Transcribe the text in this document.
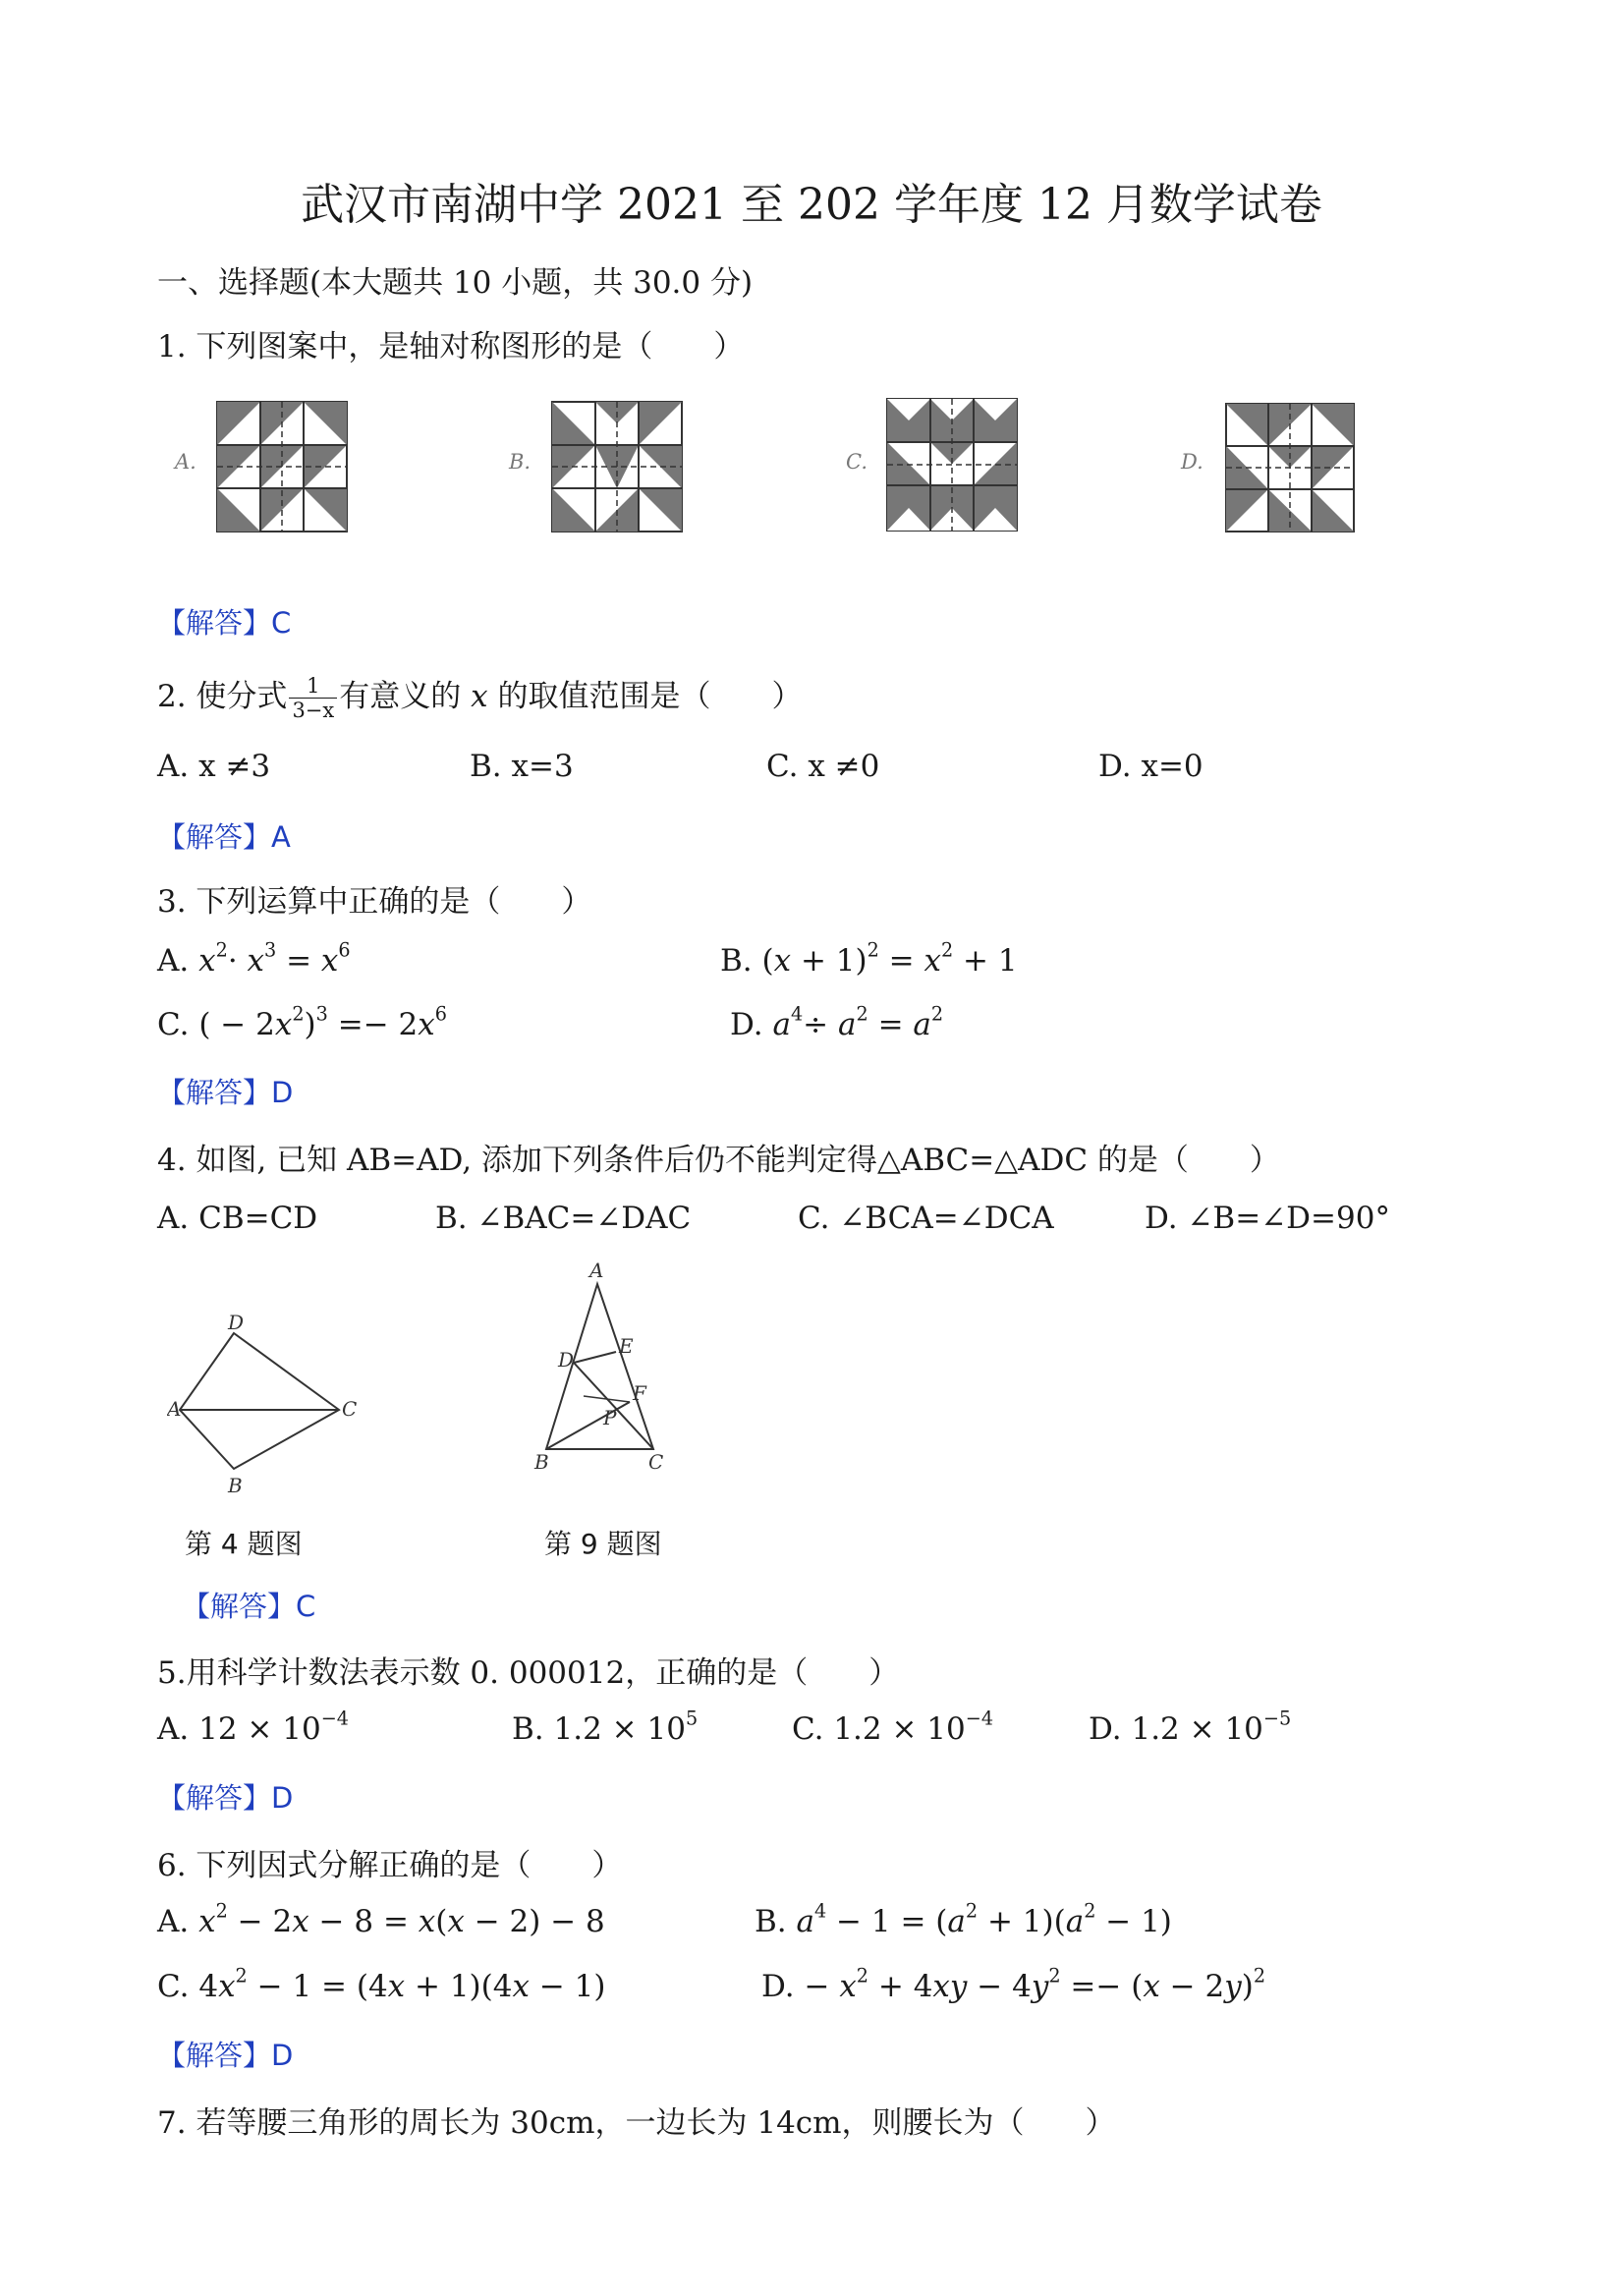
武汉市南湖中学 2021 至 202 学年度 12 月数学试卷
一、选择题(本大题共 10 小题，共 30.0 分)
1. 下列图案中，是轴对称图形的是（　　）
A.	B.	C.	D.
【解答】C
2. 使分式 $\frac{1}{3-x}$ 有意义的 x 的取值范围是（　　）
A. x ≠3	B. x=3	C. x ≠0	D. x=0
【解答】A
3. 下列运算中正确的是（　　）
A. $x^2\cdot x^3 = x^6$	B. $(x + 1)^2 = x^2 + 1$
C. ( − $2x^2)^3 =- 2x^6$	D. $a^4\div a^2 = a^2$
【解答】D
4. 如图, 已知 AB=AD, 添加下列条件后仍不能判定得△ABC=△ADC 的是（　　）
A. CB=CD	B. ∠BAC=∠DAC	C. ∠BCA=∠DCA	D. ∠B=∠D=90°
D
A	C
B
第 4 题图
A
D
E
F
P
B	C
第 9 题图
【解答】C
5.用科学计数法表示数 0. 000012，正确的是（　　）
A. $12 \times 10^{-4}$	B. $1.2 \times 10^5$	C. $1.2 \times 10^{-4}$	D. $1.2 \times 10^{-5}$
【解答】D
6. 下列因式分解正确的是（　　）
A. $x^2 - 2x - 8 = x(x - 2) - 8$	B. $a^4 - 1 = (a^2 + 1)(a^2 - 1)$
C. $4x^2 - 1 = (4x + 1)(4x - 1)$	D. − $x^2 + 4xy - 4y^2 =- (x - 2y)^2$
【解答】D
7. 若等腰三角形的周长为 30cm，一边长为 14cm，则腰长为（　　）
